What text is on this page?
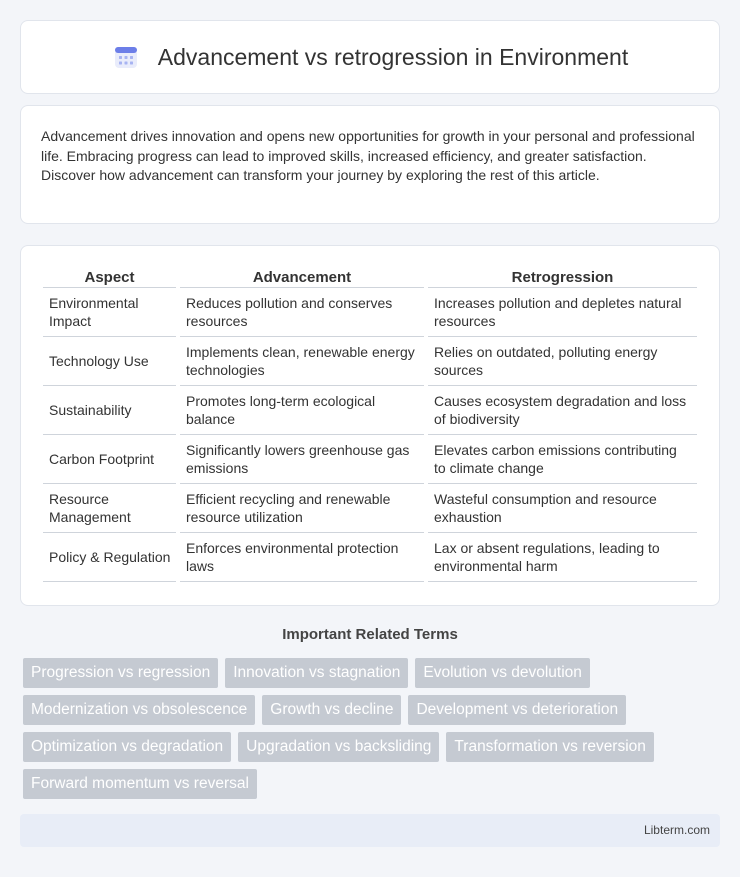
Advancement vs retrogression in Environment

Advancement drives innovation and opens new opportunities for growth in your personal and professional life. Embracing progress can lead to improved skills, increased efficiency, and greater satisfaction. Discover how advancement can transform your journey by exploring the rest of this article.

Aspect	Advancement	Retrogression
Environmental Impact	Reduces pollution and conserves resources	Increases pollution and depletes natural resources
Technology Use	Implements clean, renewable energy technologies	Relies on outdated, polluting energy sources
Sustainability	Promotes long-term ecological balance	Causes ecosystem degradation and loss of biodiversity
Carbon Footprint	Significantly lowers greenhouse gas emissions	Elevates carbon emissions contributing to climate change
Resource Management	Efficient recycling and renewable resource utilization	Wasteful consumption and resource exhaustion
Policy & Regulation	Enforces environmental protection laws	Lax or absent regulations, leading to environmental harm
Important Related Terms
Progression vs regression	Innovation vs stagnation	Evolution vs devolution
Modernization vs obsolescence	Growth vs decline	Development vs deterioration
Optimization vs degradation	Upgradation vs backsliding	Transformation vs reversion
Forward momentum vs reversal
Libterm.com
